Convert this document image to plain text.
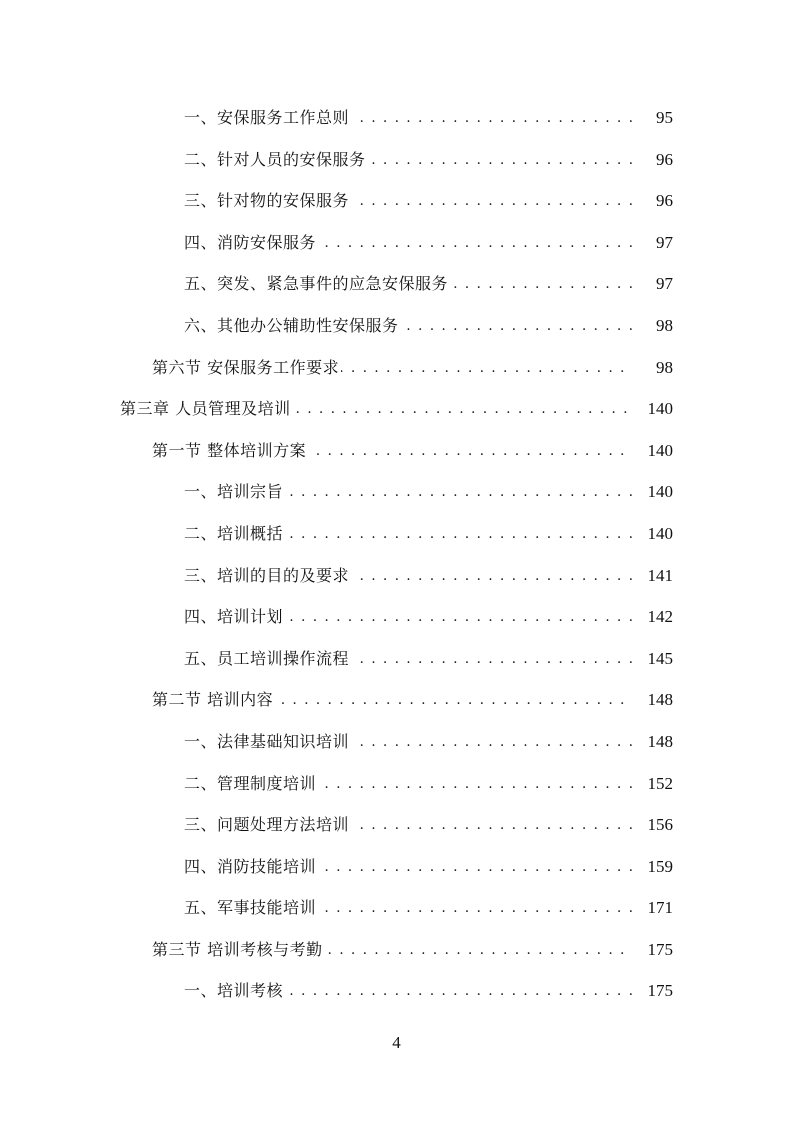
一、安保服务工作总则 . . .	95
二、针对人员的安保服务 . . .	96
三、针对物的安保服务 . . .	96
四、消防安保服务 . . .	97
五、突发、紧急事件的应急安保服务 . . .	97
六、其他办公辅助性安保服务 . . .	98
第六节 安保服务工作要求 . . .	98
第三章 人员管理及培训 . . .	140
第一节 整体培训方案 . . .	140
一、培训宗旨 . . .	140
二、培训概括 . . .	140
三、培训的目的及要求 . . .	141
四、培训计划 . . .	142
五、员工培训操作流程 . . .	145
第二节 培训内容 . . .	148
一、法律基础知识培训 . . .	148
二、管理制度培训 . . .	152
三、问题处理方法培训 . . .	156
四、消防技能培训 . . .	159
五、军事技能培训 . . .	171
第三节 培训考核与考勤 . . .	175
一、培训考核 . . .	175
4
